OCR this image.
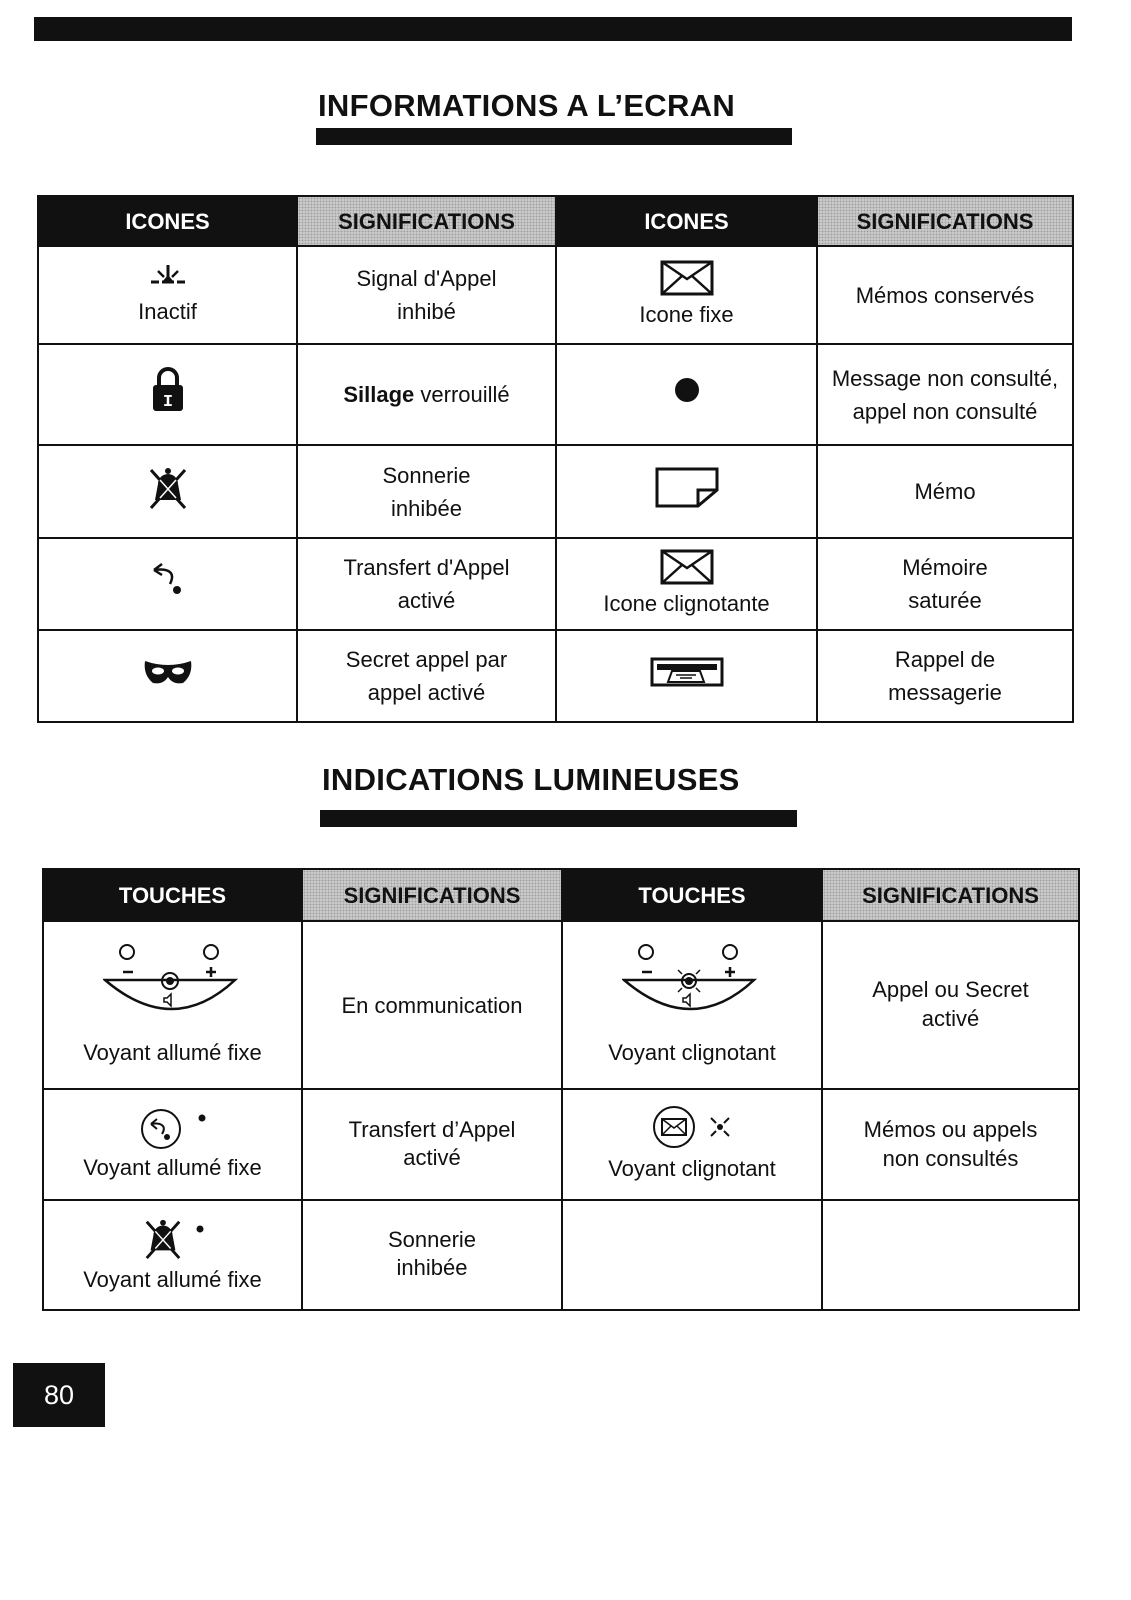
INFORMATIONS A L’ECRAN
ICONES	SIGNIFICATIONS	ICONES	SIGNIFICATIONS

Inactif	Signal d'Appel inhibé	Icone fixe	Mémos conservés

I	Sillage verrouillé		Message non consulté, appel non consulté
	Sonnerie inhibée		Mémo
	Transfert d'Appel activé	Icone clignotante	Mémoire saturée
	Secret appel par appel activé		Rappel de messagerie
INDICATIONS LUMINEUSES
TOUCHES	SIGNIFICATIONS	TOUCHES	SIGNIFICATIONS

Voyant allumé fixe	En communication	Voyant clignotant	Appel ou Secret activé

Voyant allumé fixe	Transfert d’Appel activé	Voyant clignotant	Mémos ou appels non consultés

Voyant allumé fixe	Sonnerie inhibée		
80
